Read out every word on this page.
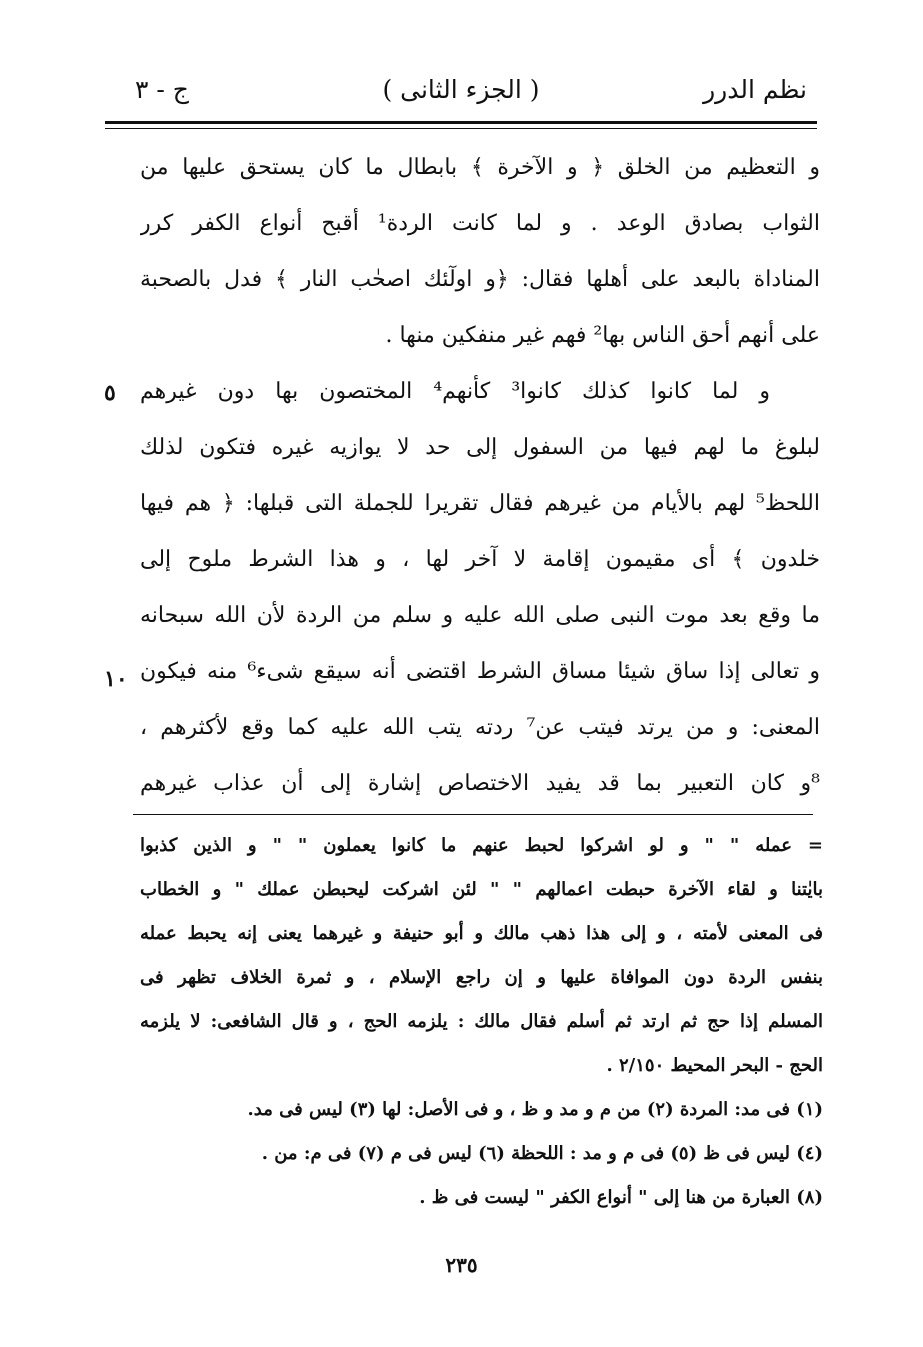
نظم الدرر
( الجزء الثانى )
ج - ٣
و التعظيم من الخلق ﴿ و الآخرة ﴾ بابطال ما كان يستحق عليها من
الثواب بصادق الوعد . و لما كانت الردة¹ أقبح أنواع الكفر كرر
المناداة بالبعد على أهلها فقال: ﴿و اولٓئك اصحٰب النار ﴾ فدل بالصحبة
على أنهم أحق الناس بها² فهم غير منفكين منها .
و لما كانوا كذلك كانوا³ كأنهم⁴ المختصون بها دون غيرهم
لبلوغ ما لهم فيها من السفول إلى حد لا يوازيه غيره فتكون لذلك
اللحظ⁵ لهم بالأيام من غيرهم فقال تقريرا للجملة التى قبلها: ﴿ هم فيها
خلدون ﴾ أى مقيمون إقامة لا آخر لها ، و هذا الشرط ملوح إلى
ما وقع بعد موت النبى صلى الله عليه و سلم من الردة لأن الله سبحانه
و تعالى إذا ساق شيئا مساق الشرط اقتضى أنه سيقع شىء⁶ منه فيكون
المعنى: و من يرتد فيتب عن⁷ ردته يتب الله عليه كما وقع لأكثرهم ،
⁸و كان التعبير بما قد يفيد الاختصاص إشارة إلى أن عذاب غيرهم
٥
١٠
= عمله " " و لو اشركوا لحبط عنهم ما كانوا يعملون " " و الذين كذبوا
بايٰتنا و لقاء الآخرة حبطت اعمالهم " " لئن اشركت ليحبطن عملك " و الخطاب
فى المعنى لأمته ، و إلى هذا ذهب مالك و أبو حنيفة و غيرهما يعنى إنه يحبط عمله
بنفس الردة دون الموافاة عليها و إن راجع الإسلام ، و ثمرة الخلاف تظهر فى
المسلم إذا حج ثم ارتد ثم أسلم فقال مالك : يلزمه الحج ، و قال الشافعى: لا يلزمه
الحج - البحر المحيط ٢/١٥٠ .
(١) فى مد: المردة (٢) من م و مد و ظ ، و فى الأصل: لها (٣) ليس فى مد.
(٤) ليس فى ظ (٥) فى م و مد : اللحظة (٦) ليس فى م (٧) فى م: من .
(٨) العبارة من هنا إلى " أنواع الكفر " ليست فى ظ .
٢٣٥
